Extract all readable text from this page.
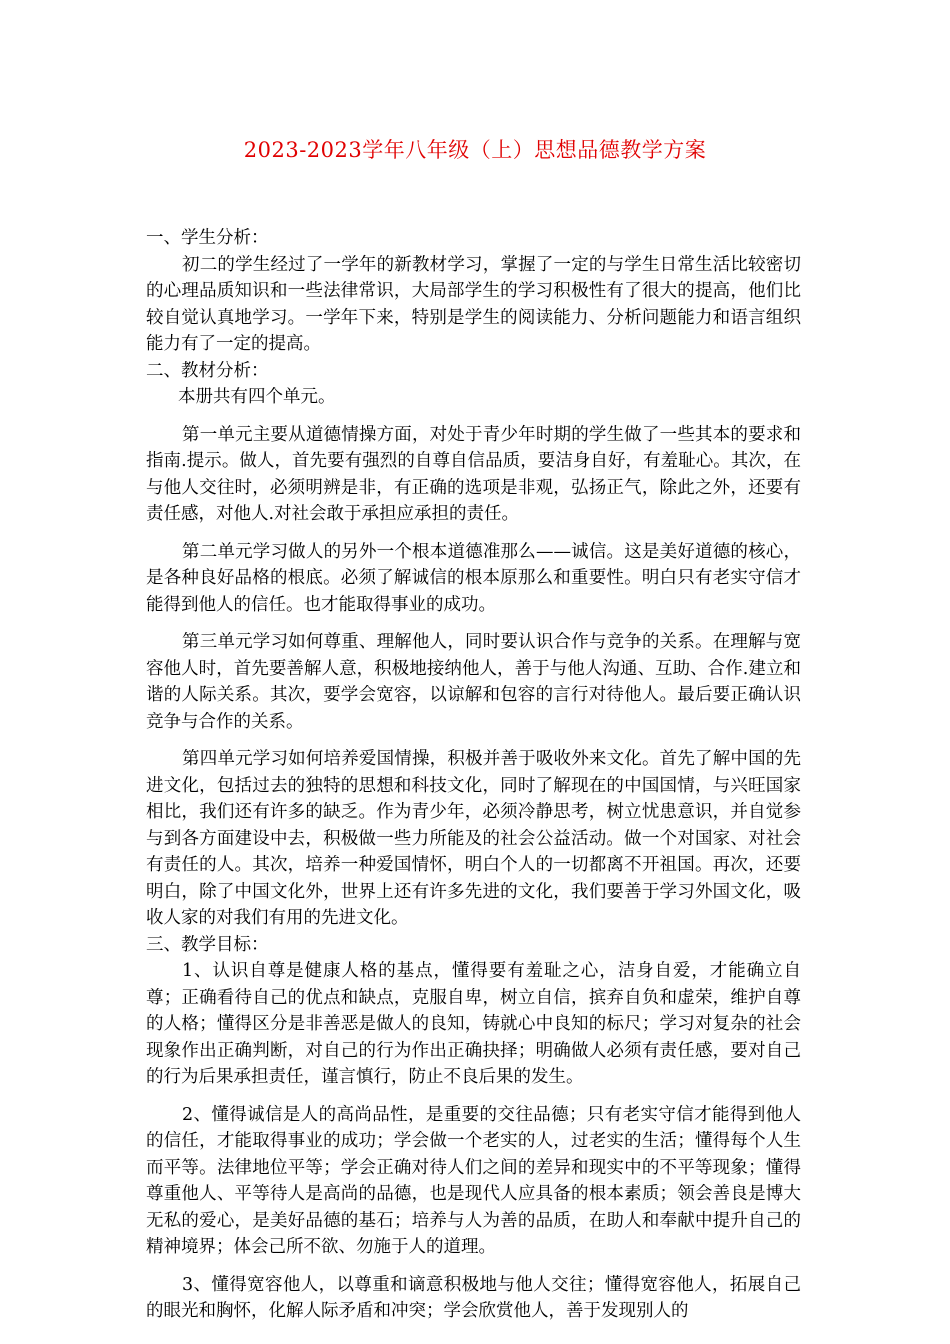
2023-2023学年八年级（上）思想品德教学方案

一、学生分析：

初二的学生经过了一学年的新教材学习，掌握了一定的与学生日常生活比较密切的心理品质知识和一些法律常识，大局部学生的学习积极性有了很大的提高，他们比较自觉认真地学习。一学年下来，特别是学生的阅读能力、分析问题能力和语言组织能力有了一定的提高。

二、教材分析：

本册共有四个单元。

第一单元主要从道德情操方面，对处于青少年时期的学生做了一些其本的要求和指南.提示。做人，首先要有强烈的自尊自信品质，要洁身自好，有羞耻心。其次，在与他人交往时，必须明辨是非，有正确的选项是非观，弘扬正气，除此之外，还要有责任感，对他人.对社会敢于承担应承担的责任。

第二单元学习做人的另外一个根本道德准那么——诚信。这是美好道德的核心，是各种良好品格的根底。必须了解诚信的根本原那么和重要性。明白只有老实守信才能得到他人的信任。也才能取得事业的成功。

第三单元学习如何尊重、理解他人，同时要认识合作与竞争的关系。在理解与宽容他人时，首先要善解人意，积极地接纳他人，善于与他人沟通、互助、合作.建立和谐的人际关系。其次，要学会宽容，以谅解和包容的言行对待他人。最后要正确认识竞争与合作的关系。

第四单元学习如何培养爱国情操，积极并善于吸收外来文化。首先了解中国的先进文化，包括过去的独特的思想和科技文化，同时了解现在的中国国情，与兴旺国家相比，我们还有许多的缺乏。作为青少年，必须冷静思考，树立忧患意识，并自觉参与到各方面建设中去，积极做一些力所能及的社会公益活动。做一个对国家、对社会有责任的人。其次，培养一种爱国情怀，明白个人的一切都离不开祖国。再次，还要明白，除了中国文化外，世界上还有许多先进的文化，我们要善于学习外国文化，吸收人家的对我们有用的先进文化。

三、教学目标：

1、认识自尊是健康人格的基点，懂得要有羞耻之心，洁身自爱，才能确立自尊；正确看待自己的优点和缺点，克服自卑，树立自信，摈弃自负和虚荣，维护自尊的人格；懂得区分是非善恶是做人的良知，铸就心中良知的标尺；学习对复杂的社会现象作出正确判断，对自己的行为作出正确抉择；明确做人必须有责任感，要对自己的行为后果承担责任，谨言慎行，防止不良后果的发生。

2、懂得诚信是人的高尚品性，是重要的交往品德；只有老实守信才能得到他人的信任，才能取得事业的成功；学会做一个老实的人，过老实的生活；懂得每个人生而平等。法律地位平等；学会正确对待人们之间的差异和现实中的不平等现象；懂得尊重他人、平等待人是高尚的品德，也是现代人应具备的根本素质；领会善良是博大无私的爱心，是美好品德的基石；培养与人为善的品质，在助人和奉献中提升自己的精神境界；体会己所不欲、勿施于人的道理。

3、懂得宽容他人，以尊重和谪意积极地与他人交往；懂得宽容他人，拓展自己的眼光和胸怀，化解人际矛盾和冲突；学会欣赏他人，善于发现别人的
